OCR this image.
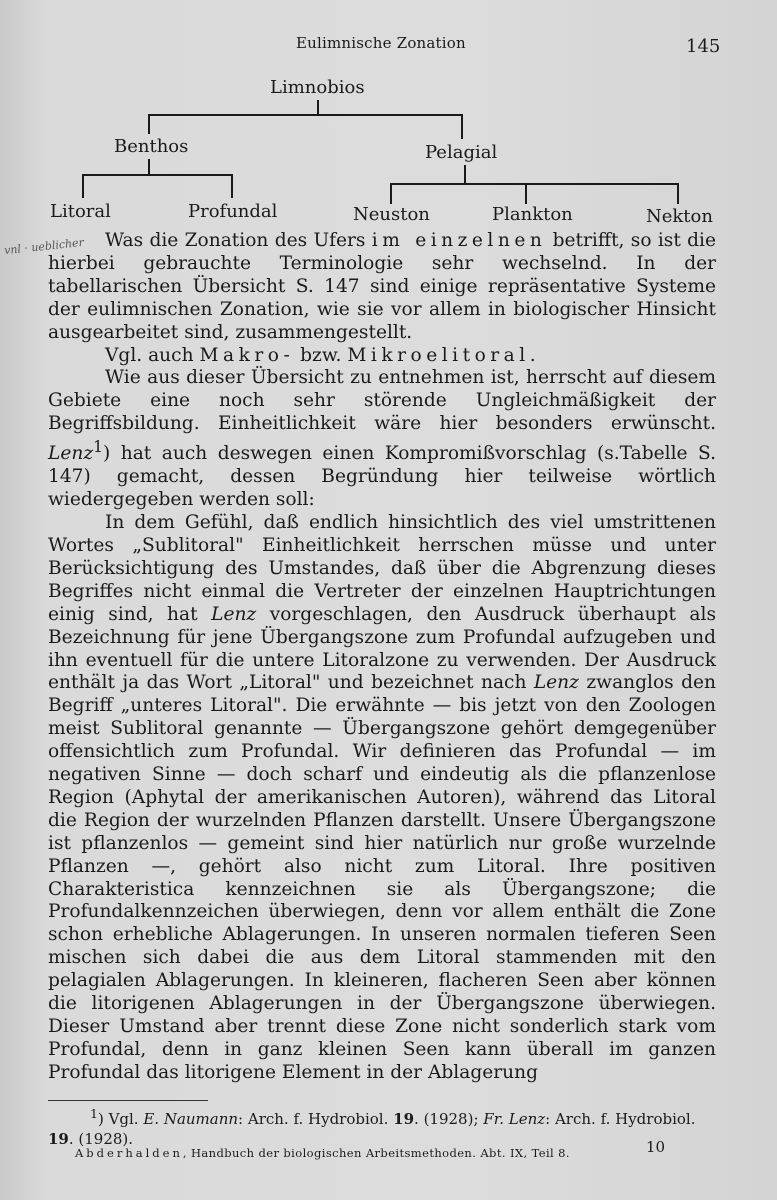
Eulimnische Zonation	145
Limnobios
Benthos	Pelagial
Litoral	Profundal	Neuston	Plankton	Nekton
vnl · ueblicher	Was die Zonation des Ufers im einzelnen betrifft, so ist die hierbei gebrauchte Terminologie sehr wechselnd. In der tabellarischen Übersicht S. 147 sind einige repräsentative Systeme der eulimnischen Zonation, wie sie vor allem in biologischer Hinsicht ausgearbeitet sind, zusammengestellt.

Vgl. auch Makro- bzw. Mikroelitoral.

Wie aus dieser Übersicht zu entnehmen ist, herrscht auf diesem Gebiete eine noch sehr störende Ungleichmäßigkeit der Begriffsbildung. Einheitlichkeit wäre hier besonders erwünscht. Lenz$^1$) hat auch deswegen einen Kompromißvorschlag (s.Tabelle S. 147) gemacht, dessen Begründung hier teilweise wörtlich wiedergegeben werden soll:

In dem Gefühl, daß endlich hinsichtlich des viel umstrittenen Wortes „Sublitoral" Einheitlichkeit herrschen müsse und unter Berücksichtigung des Umstandes, daß über die Abgrenzung dieses Begriffes nicht einmal die Vertreter der einzelnen Hauptrichtungen einig sind, hat Lenz vorgeschlagen, den Ausdruck überhaupt als Bezeichnung für jene Übergangszone zum Profundal aufzugeben und ihn eventuell für die untere Litoralzone zu verwenden. Der Ausdruck enthält ja das Wort „Litoral" und bezeichnet nach Lenz zwanglos den Begriff „unteres Litoral". Die erwähnte — bis jetzt von den Zoologen meist Sublitoral genannte — Übergangszone gehört demgegenüber offensichtlich zum Profundal. Wir definieren das Profundal — im negativen Sinne — doch scharf und eindeutig als die pflanzenlose Region (Aphytal der amerikanischen Autoren), während das Litoral die Region der wurzelnden Pflanzen darstellt. Unsere Übergangszone ist pflanzenlos — gemeint sind hier natürlich nur große wurzelnde Pflanzen —, gehört also nicht zum Litoral. Ihre positiven Charakteristica kennzeichnen sie als Übergangszone; die Profundalkennzeichen überwiegen, denn vor allem enthält die Zone schon erhebliche Ablagerungen. In unseren normalen tieferen Seen mischen sich dabei die aus dem Litoral stammenden mit den pelagialen Ablagerungen. In kleineren, flacheren Seen aber können die litorigenen Ablagerungen in der Übergangszone überwiegen. Dieser Umstand aber trennt diese Zone nicht sonderlich stark vom Profundal, denn in ganz kleinen Seen kann überall im ganzen Profundal das litorigene Element in der Ablagerung

$^1$) Vgl. E. Naumann: Arch. f. Hydrobiol. 19. (1928); Fr. Lenz: Arch. f. Hydrobiol. 19. (1928).
Abderhalden, Handbuch der biologischen Arbeitsmethoden. Abt. IX, Teil 8.	10
